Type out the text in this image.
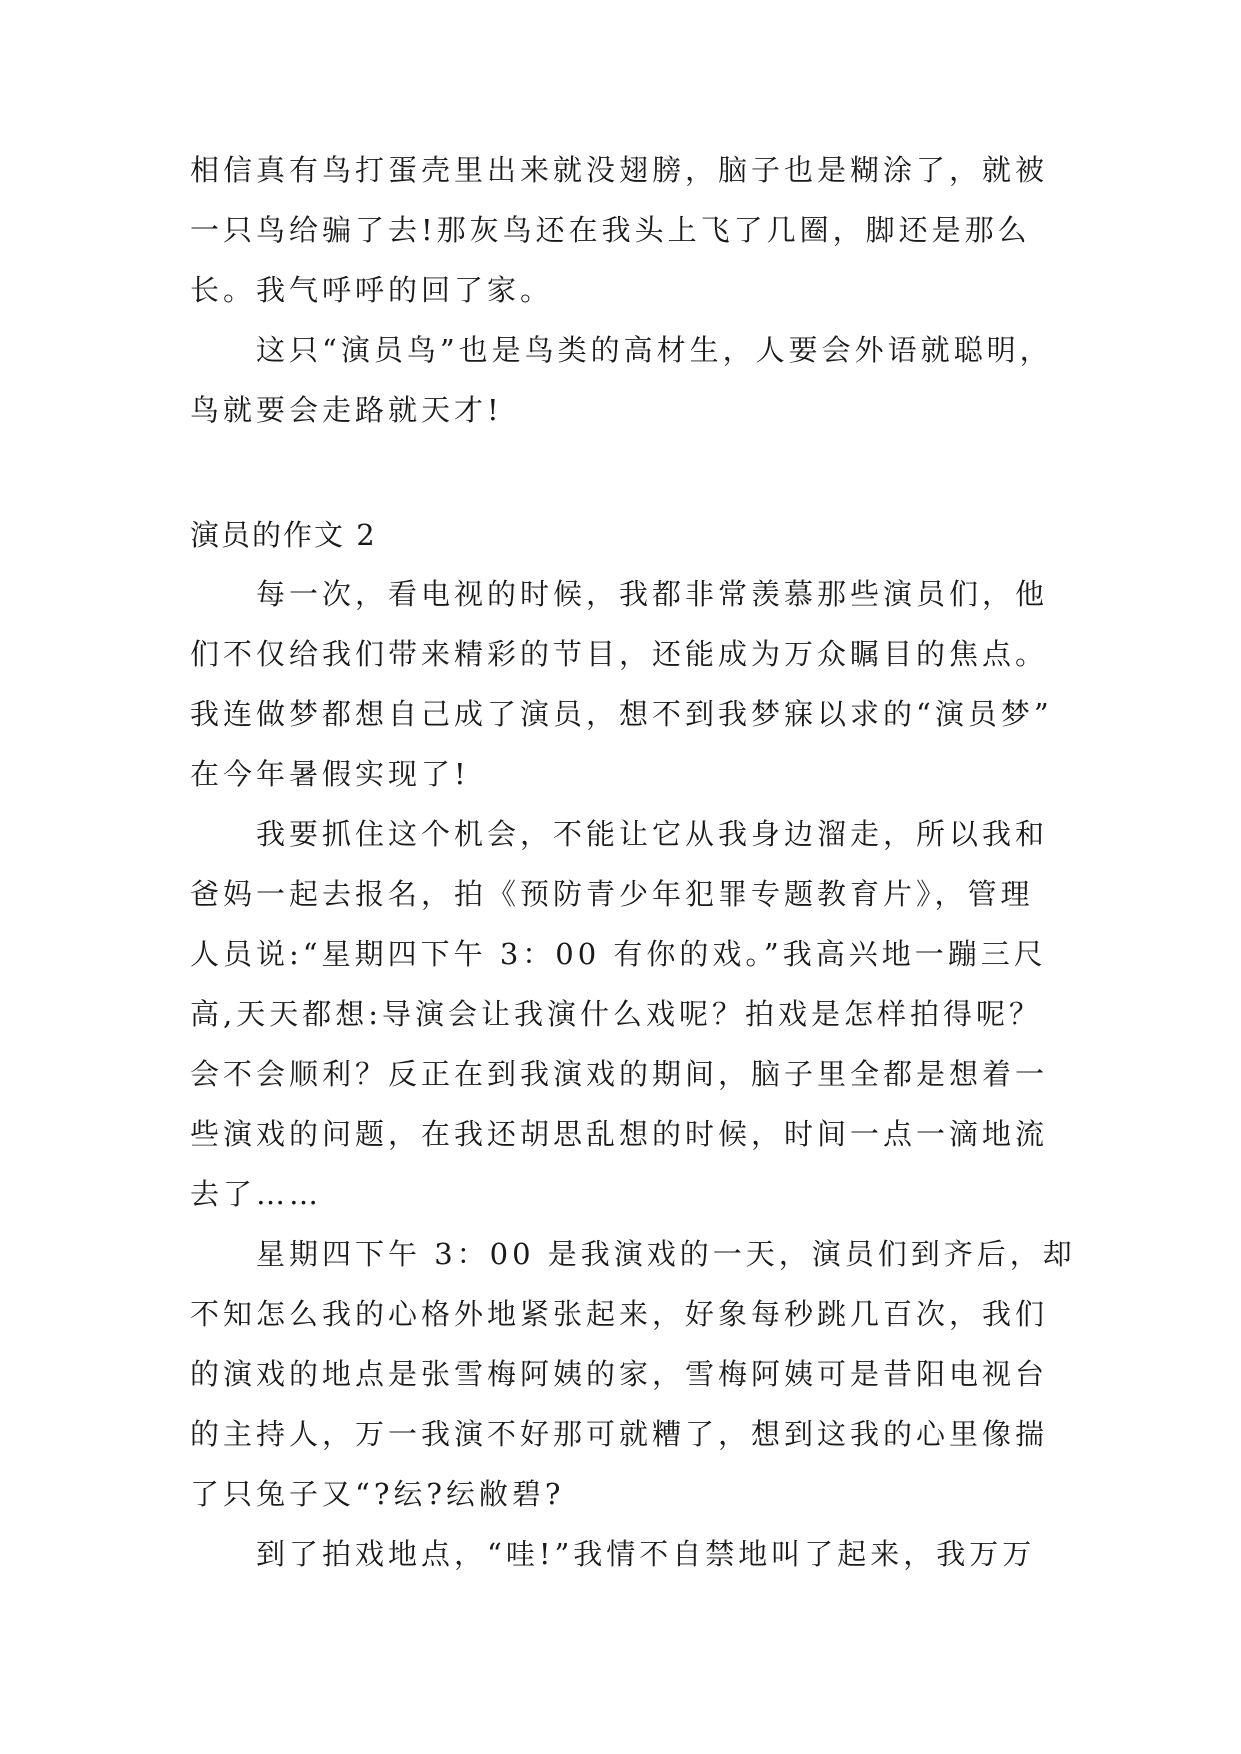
相信真有鸟打蛋壳里出来就没翅膀，脑子也是糊涂了，就被
一只鸟给骗了去!那灰鸟还在我头上飞了几圈，脚还是那么
长。我气呼呼的回了家。
这只“演员鸟”也是鸟类的高材生，人要会外语就聪明，
鸟就要会走路就天才!
演员的作文 2
每一次，看电视的时候，我都非常羡慕那些演员们，他
们不仅给我们带来精彩的节目，还能成为万众瞩目的焦点。
我连做梦都想自己成了演员，想不到我梦寐以求的“演员梦”
在今年暑假实现了!
我要抓住这个机会，不能让它从我身边溜走，所以我和
爸妈一起去报名，拍《预防青少年犯罪专题教育片》，管理
人员说:“星期四下午 3：00 有你的戏。”我高兴地一蹦三尺
高,天天都想:导演会让我演什么戏呢？拍戏是怎样拍得呢？
会不会顺利？反正在到我演戏的期间，脑子里全都是想着一
些演戏的问题，在我还胡思乱想的时候，时间一点一滴地流
去了……
星期四下午 3：00 是我演戏的一天，演员们到齐后，却
不知怎么我的心格外地紧张起来，好象每秒跳几百次，我们
的演戏的地点是张雪梅阿姨的家，雪梅阿姨可是昔阳电视台
的主持人，万一我演不好那可就糟了，想到这我的心里像揣
了只兔子又“?纭?纭敝碧?
到了拍戏地点，“哇!”我情不自禁地叫了起来，我万万
